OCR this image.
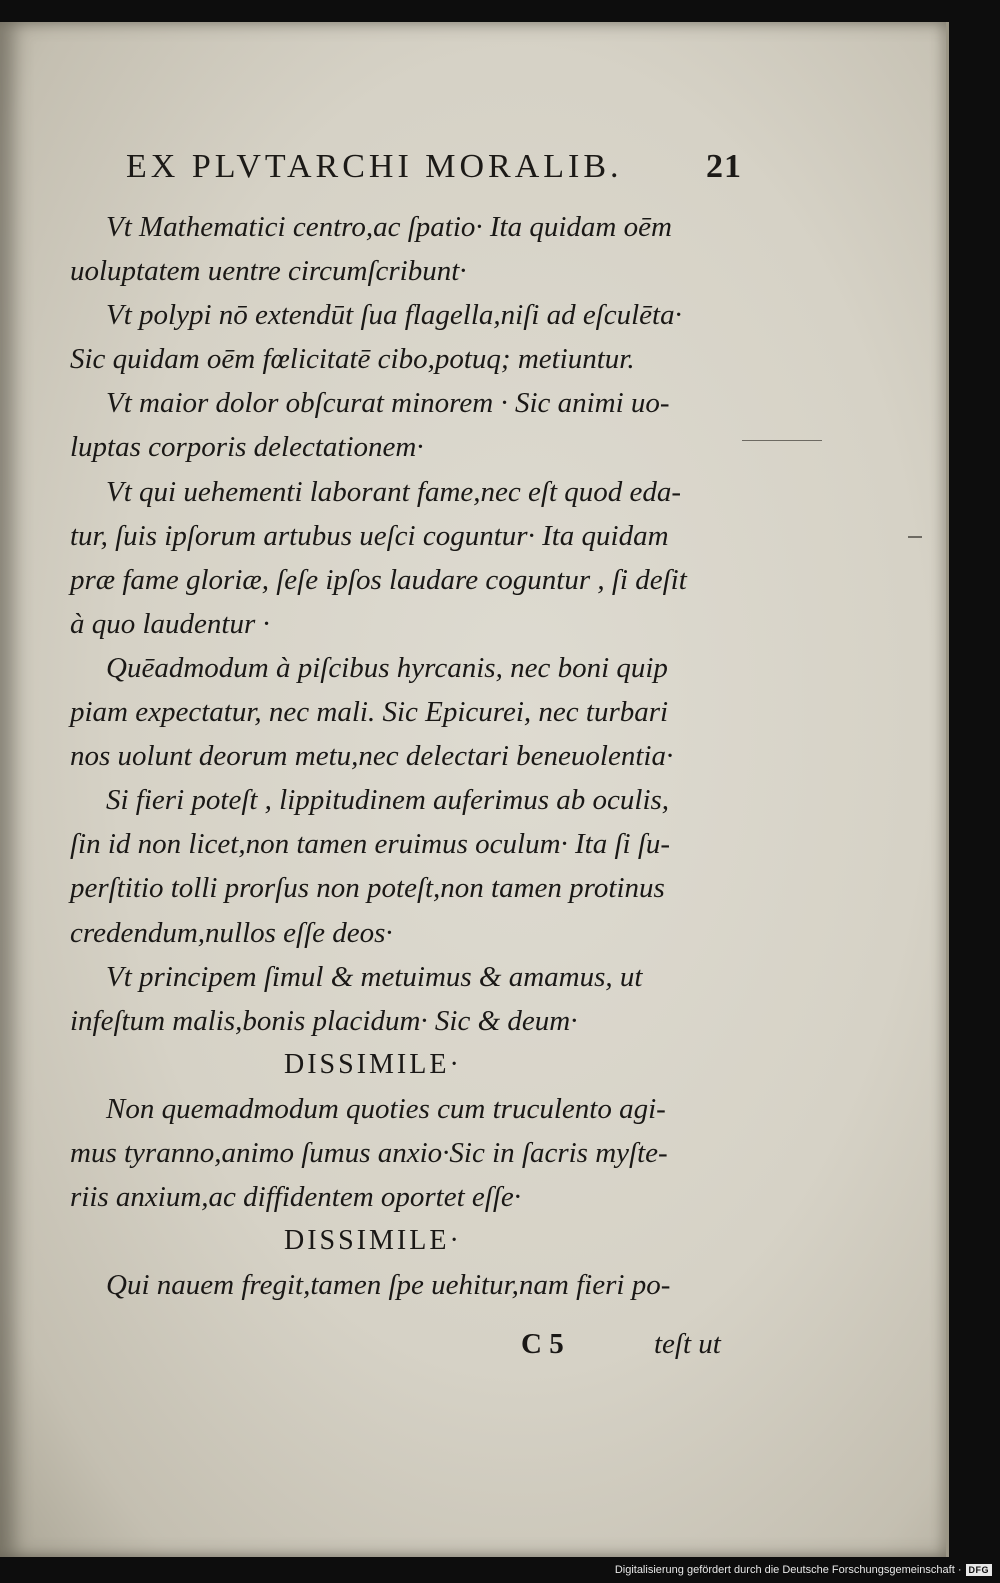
EX PLVTARCHI MORALIB. 21
Vt Mathematici centro,ac ſpatio· Ita quidam oēm
uoluptatem uentre circumſcribunt·
Vt polypi nō extendūt ſua flagella,niſi ad eſculēta·
Sic quidam oēm fœlicitatē cibo,potuq; metiuntur.
Vt maior dolor obſcurat minorem · Sic animi uo-
luptas corporis delectationem·
Vt qui uehementi laborant fame,nec eſt quod eda-
tur, ſuis ipſorum artubus ueſci coguntur· Ita quidam
præ fame gloriæ, ſeſe ipſos laudare coguntur , ſi deſit
à quo laudentur ·
Quēadmodum à piſcibus hyrcanis, nec boni quip
piam expectatur, nec mali. Sic Epicurei, nec turbari
nos uolunt deorum metu,nec delectari beneuolentia·
Si fieri poteſt , lippitudinem auferimus ab oculis,
ſin id non licet,non tamen eruimus oculum· Ita ſi ſu-
perſtitio tolli prorſus non poteſt,non tamen protinus
credendum,nullos eſſe deos·
Vt principem ſimul & metuimus & amamus, ut
infeſtum malis,bonis placidum· Sic & deum·
DISSIMILE·
Non quemadmodum quoties cum truculento agi-
mus tyranno,animo ſumus anxio·Sic in ſacris myſte-
riis anxium,ac diffidentem oportet eſſe·
DISSIMILE·
Qui nauem fregit,tamen ſpe uehitur,nam fieri po-
C 5	teſt ut
Digitalisierung gefördert durch die Deutsche Forschungsgemeinschaft · DFG
